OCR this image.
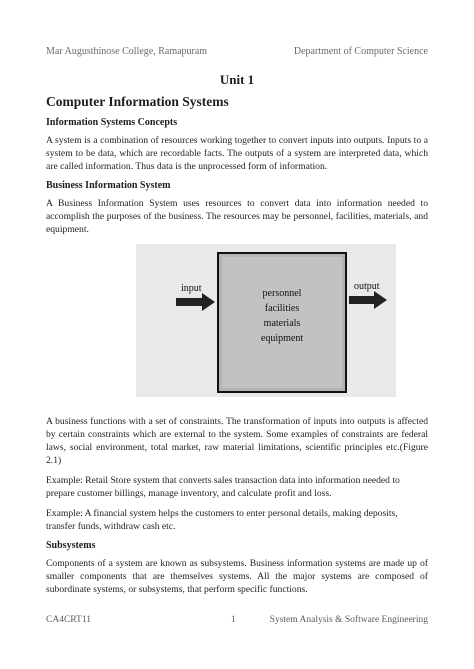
Mar Augusthinose College, Ramapuram	Department of Computer Science
Unit 1
Computer Information Systems
Information Systems Concepts

A system is a combination of resources working together to convert inputs into outputs. Inputs to a system to be data, which are recordable facts. The outputs of a system are interpreted data, which are called information. Thus data is the unprocessed form of information.

Business Information System

A Business Information System uses resources to convert data into information needed to accomplish the purposes of the business. The resources may be personnel, facilities, materials, and equipment.

input	output
personnel
facilities
materials
equipment

A business functions with a set of constraints. The transformation of inputs into outputs is affected by certain constraints which are external to the system. Some examples of constraints are federal laws, social environment, total market, raw material limitations, scientific principles etc.(Figure 2.1)

Example: Retail Store system that converts sales transaction data into information needed to prepare customer billings, manage inventory, and calculate profit and loss.

Example: A financial system helps the customers to enter personal details, making deposits, transfer funds, withdraw cash etc.

Subsystems

Components of a system are known as subsystems. Business information systems are made up of smaller components that are themselves systems. All the major systems are composed of subordinate systems, or subsystems, that perform specific functions.

CA4CRT11	1	System Analysis & Software Engineering
